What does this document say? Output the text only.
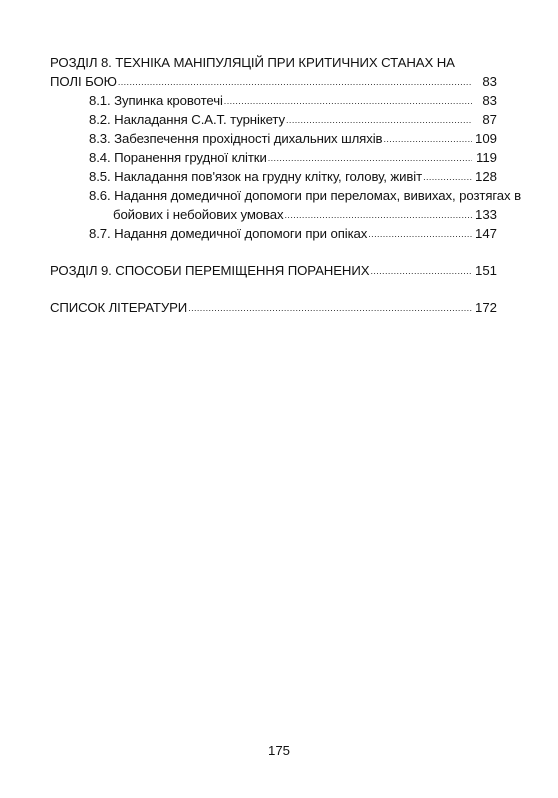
РОЗДІЛ 8. ТЕХНІКА МАНІПУЛЯЦІЙ ПРИ КРИТИЧНИХ СТАНАХ НА
ПОЛІ БОЮ .....	83
8.1. Зупинка кровотечі .....	83
8.2. Накладання С.А.Т. турнікету .....	87
8.3. Забезпечення прохідності дихальних шляхів .....	109
8.4. Поранення грудної клітки .....	119
8.5. Накладання пов'язок на грудну клітку, голову, живіт .....	128
8.6. Надання домедичної допомоги при переломах, вивихах, розтягах в
бойових і небойових умовах .....	133
8.7. Надання домедичної допомоги при опіках .....	147
РОЗДІЛ 9. СПОСОБИ ПЕРЕМІЩЕННЯ ПОРАНЕНИХ .....	151
СПИСОК ЛІТЕРАТУРИ .....	172
175
